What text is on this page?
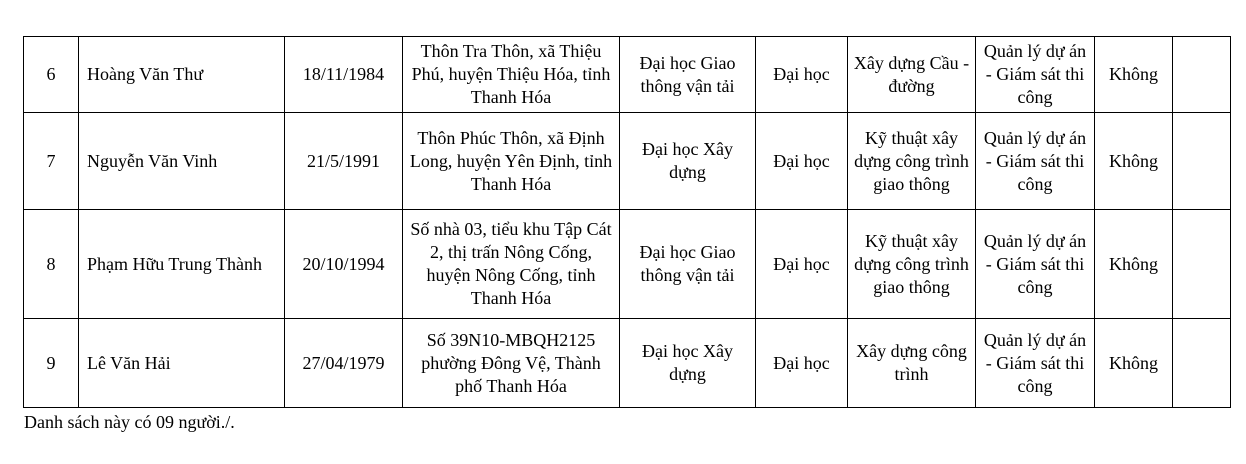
6	Hoàng Văn Thư	18/11/1984	Thôn Tra Thôn, xã Thiệu Phú, huyện Thiệu Hóa, tỉnh Thanh Hóa	Đại học Giao thông vận tải	Đại học	Xây dựng Cầu - đường	Quản lý dự án - Giám sát thi công	Không	
7	Nguyễn Văn Vinh	21/5/1991	Thôn Phúc Thôn, xã Định Long, huyện Yên Định, tỉnh Thanh Hóa	Đại học Xây dựng	Đại học	Kỹ thuật xây dựng công trình giao thông	Quản lý dự án - Giám sát thi công	Không	
8	Phạm Hữu Trung Thành	20/10/1994	Số nhà 03, tiểu khu Tập Cát 2, thị trấn Nông Cống, huyện Nông Cống, tỉnh Thanh Hóa	Đại học Giao thông vận tải	Đại học	Kỹ thuật xây dựng công trình giao thông	Quản lý dự án - Giám sát thi công	Không	
9	Lê Văn Hải	27/04/1979	Số 39N10-MBQH2125 phường Đông Vệ, Thành phố Thanh Hóa	Đại học Xây dựng	Đại học	Xây dựng công trình	Quản lý dự án - Giám sát thi công	Không	
Danh sách này có 09 người./.
